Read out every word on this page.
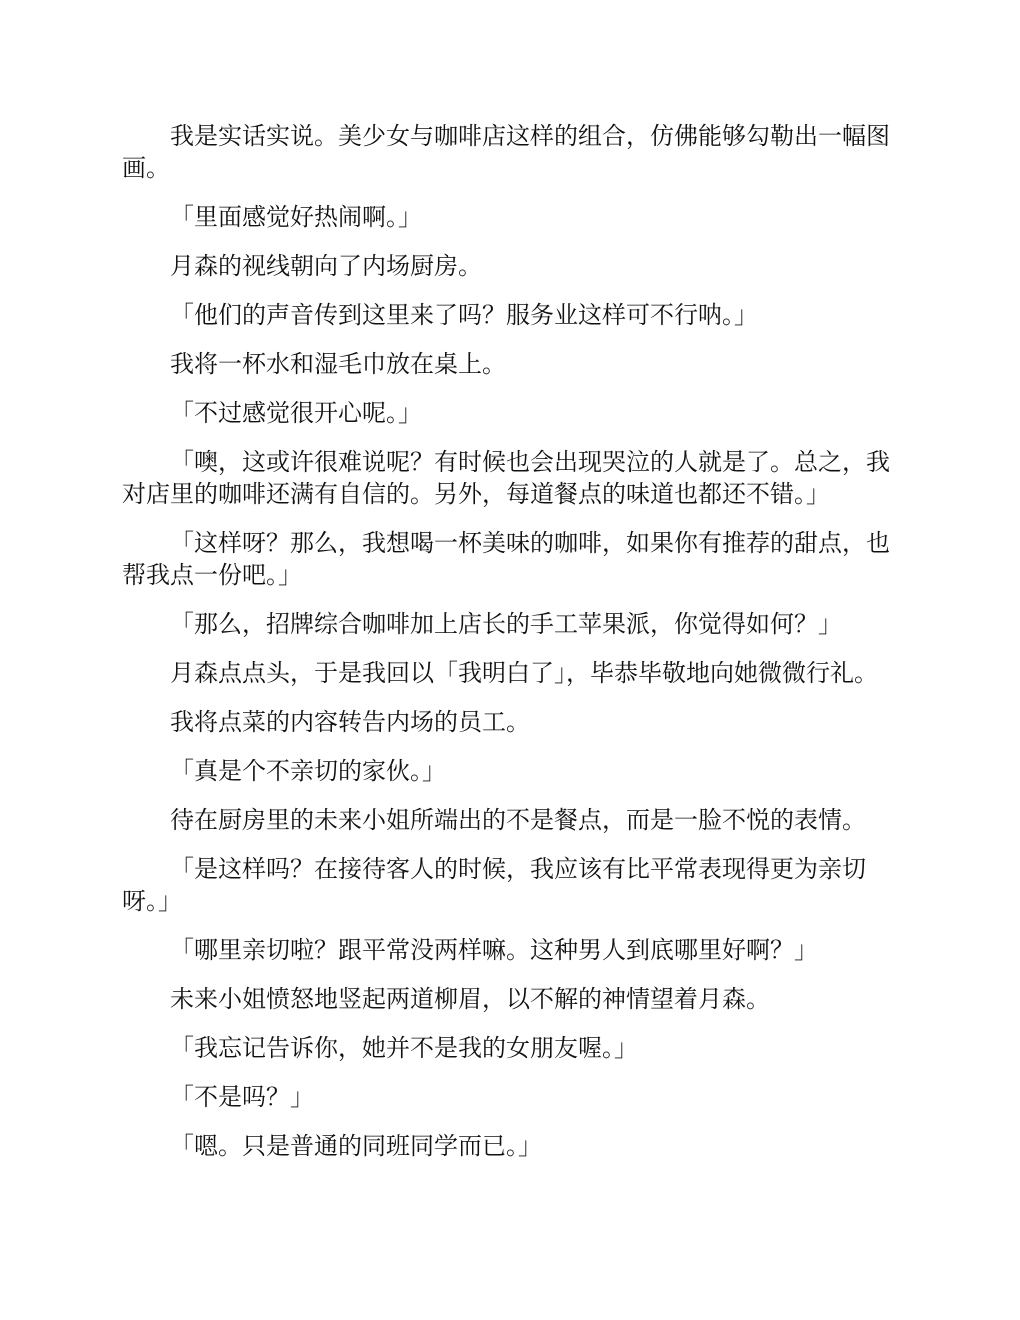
我是实话实说。美少女与咖啡店这样的组合，仿佛能够勾勒出一幅图画。

「里面感觉好热闹啊。」

月森的视线朝向了内场厨房。

「他们的声音传到这里来了吗？服务业这样可不行呐。」

我将一杯水和湿毛巾放在桌上。

「不过感觉很开心呢。」

「噢，这或许很难说呢？有时候也会出现哭泣的人就是了。总之，我对店里的咖啡还满有自信的。另外，每道餐点的味道也都还不错。」

「这样呀？那么，我想喝一杯美味的咖啡，如果你有推荐的甜点，也帮我点一份吧。」

「那么，招牌综合咖啡加上店长的手工苹果派，你觉得如何？」

月森点点头，于是我回以「我明白了」，毕恭毕敬地向她微微行礼。

我将点菜的内容转告内场的员工。

「真是个不亲切的家伙。」

待在厨房里的未来小姐所端出的不是餐点，而是一脸不悦的表情。

「是这样吗？在接待客人的时候，我应该有比平常表现得更为亲切呀。」

「哪里亲切啦？跟平常没两样嘛。这种男人到底哪里好啊？」

未来小姐愤怒地竖起两道柳眉，以不解的神情望着月森。

「我忘记告诉你，她并不是我的女朋友喔。」

「不是吗？」

「嗯。只是普通的同班同学而已。」
